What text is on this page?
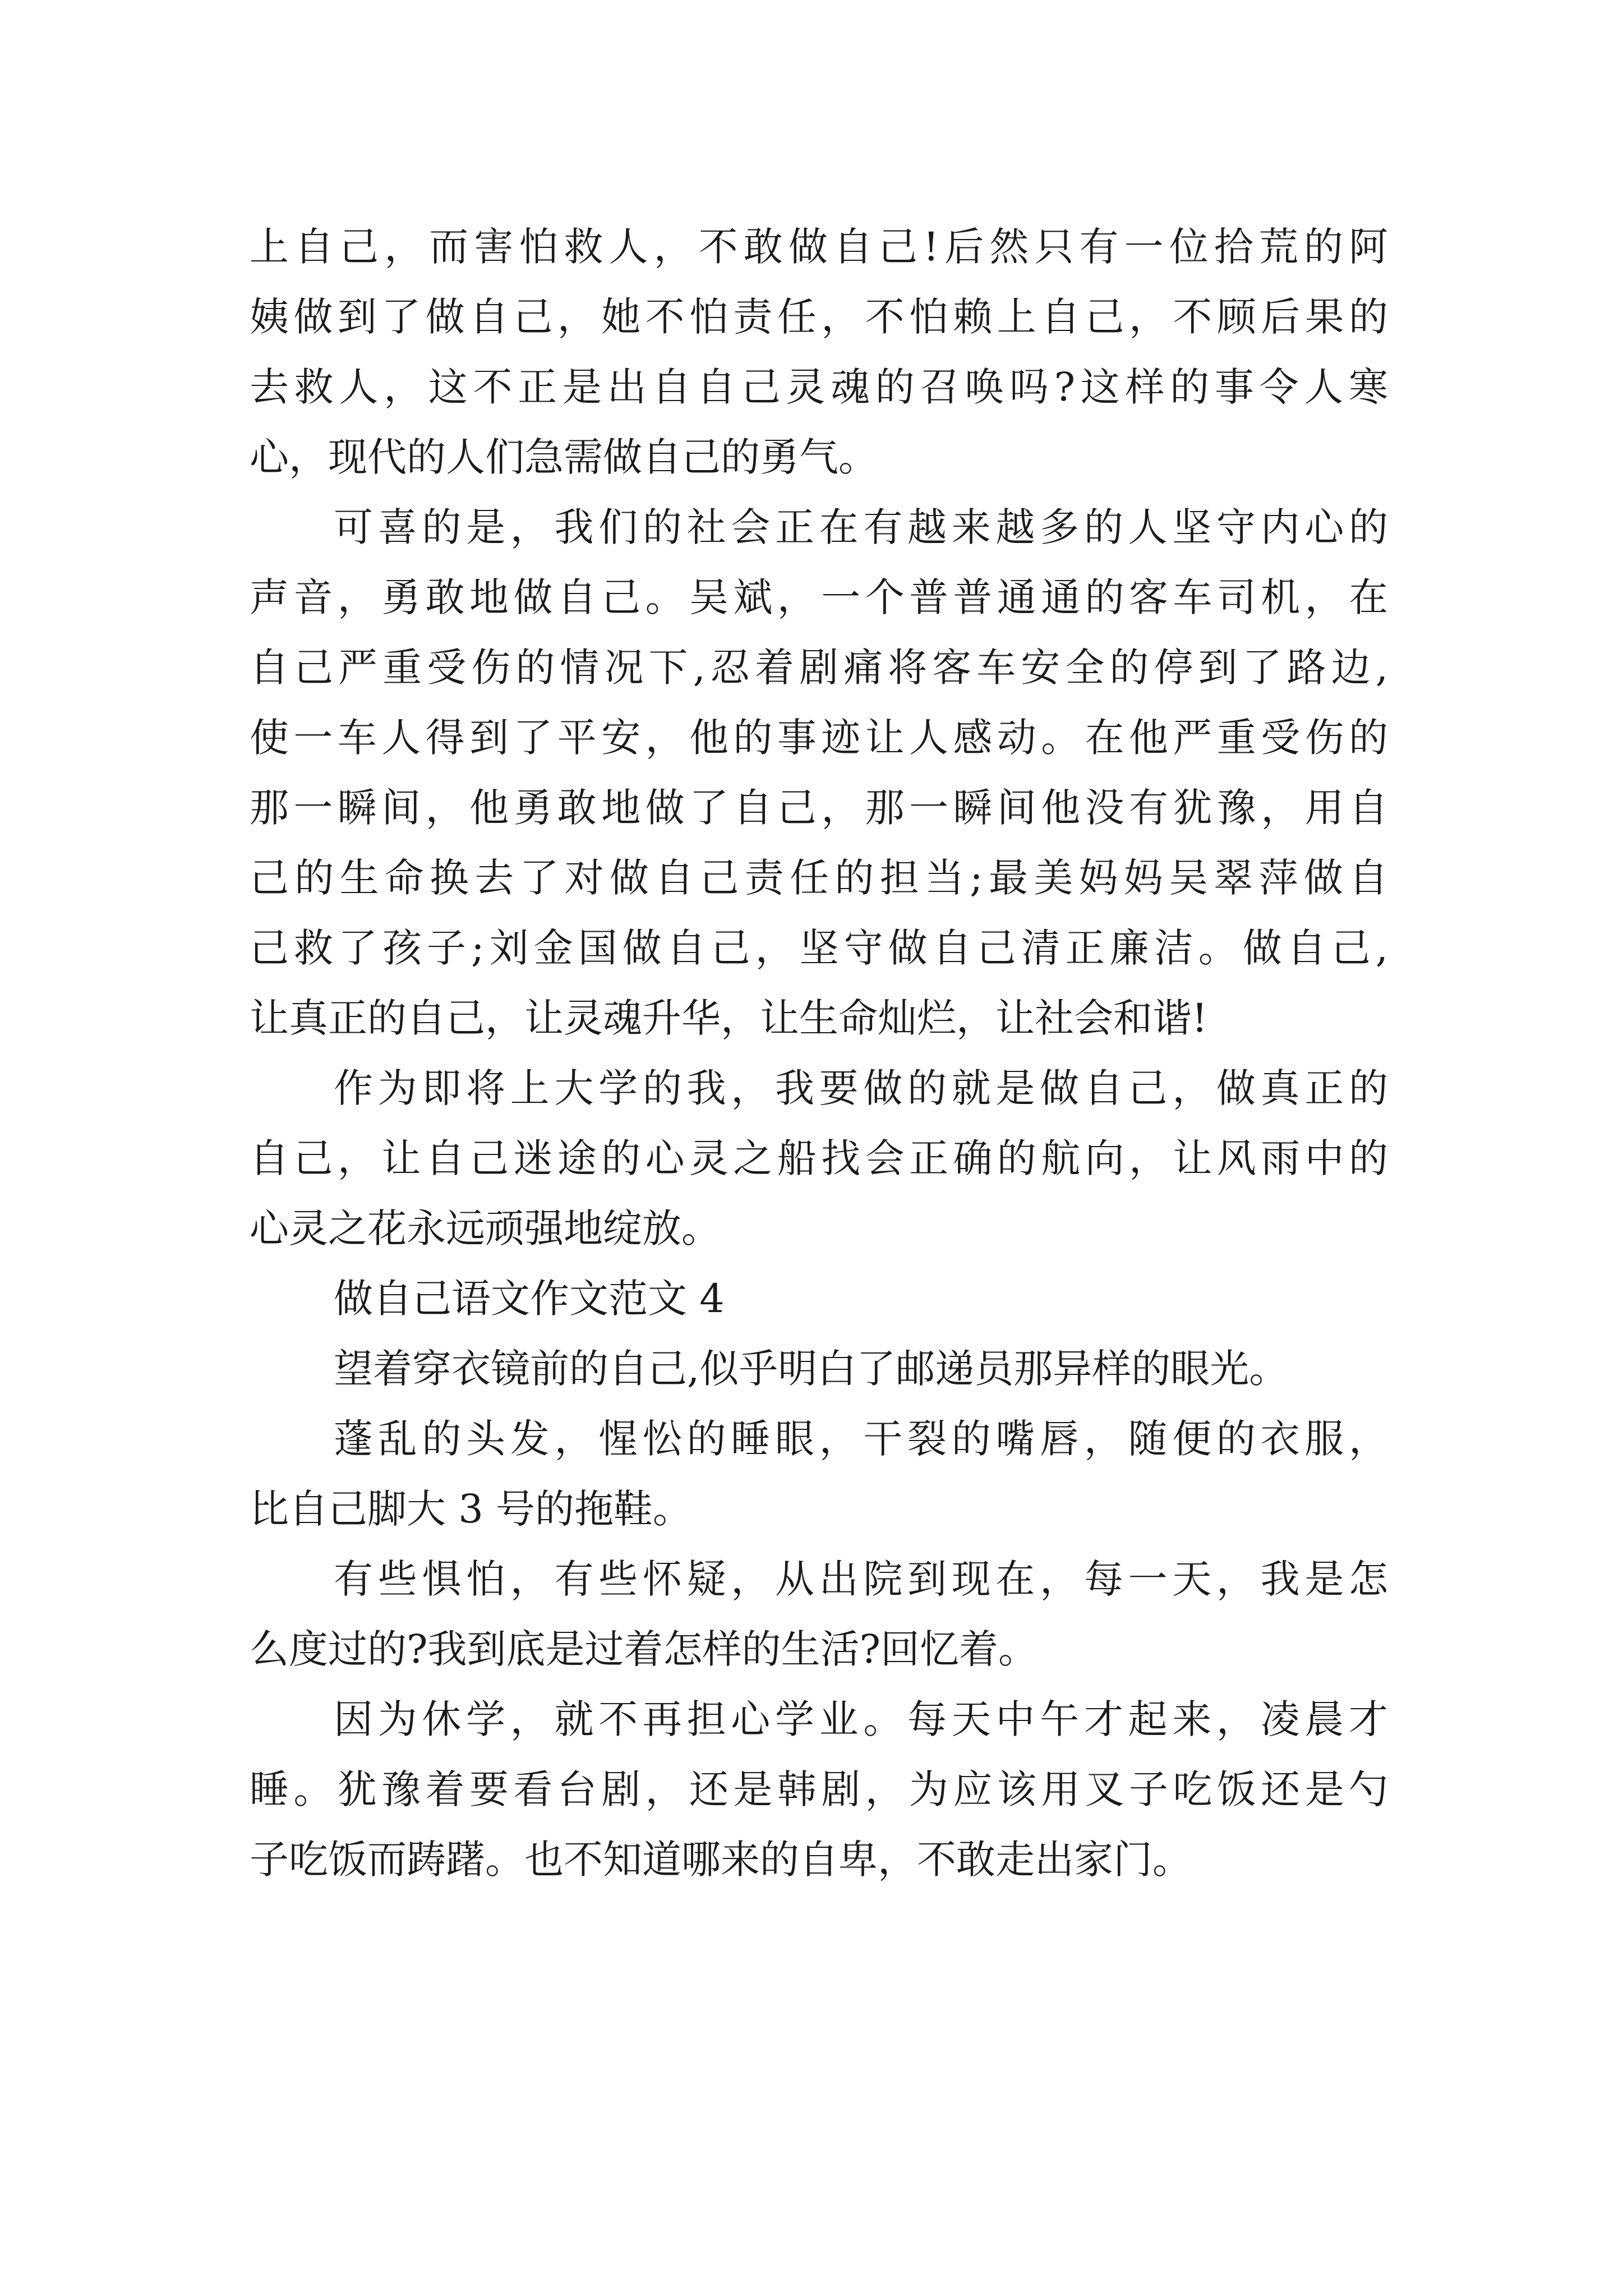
上自己，而害怕救人，不敢做自己!后然只有一位拾荒的阿
姨做到了做自己，她不怕责任，不怕赖上自己，不顾后果的
去救人，这不正是出自自己灵魂的召唤吗?这样的事令人寒
心，现代的人们急需做自己的勇气。
可喜的是，我们的社会正在有越来越多的人坚守内心的
声音，勇敢地做自己。吴斌，一个普普通通的客车司机，在
自己严重受伤的情况下,忍着剧痛将客车安全的停到了路边,
使一车人得到了平安，他的事迹让人感动。在他严重受伤的
那一瞬间，他勇敢地做了自己，那一瞬间他没有犹豫，用自
己的生命换去了对做自己责任的担当;最美妈妈吴翠萍做自
己救了孩子;刘金国做自己，坚守做自己清正廉洁。做自己,
让真正的自己，让灵魂升华，让生命灿烂，让社会和谐!
作为即将上大学的我，我要做的就是做自己，做真正的
自己，让自己迷途的心灵之船找会正确的航向，让风雨中的
心灵之花永远顽强地绽放。
做自己语文作文范文 4
望着穿衣镜前的自己,似乎明白了邮递员那异样的眼光。
蓬乱的头发，惺忪的睡眼，干裂的嘴唇，随便的衣服，
比自己脚大 3 号的拖鞋。
有些惧怕，有些怀疑，从出院到现在，每一天，我是怎
么度过的?我到底是过着怎样的生活?回忆着。
因为休学，就不再担心学业。每天中午才起来，凌晨才
睡。犹豫着要看台剧，还是韩剧，为应该用叉子吃饭还是勺
子吃饭而踌躇。也不知道哪来的自卑，不敢走出家门。
